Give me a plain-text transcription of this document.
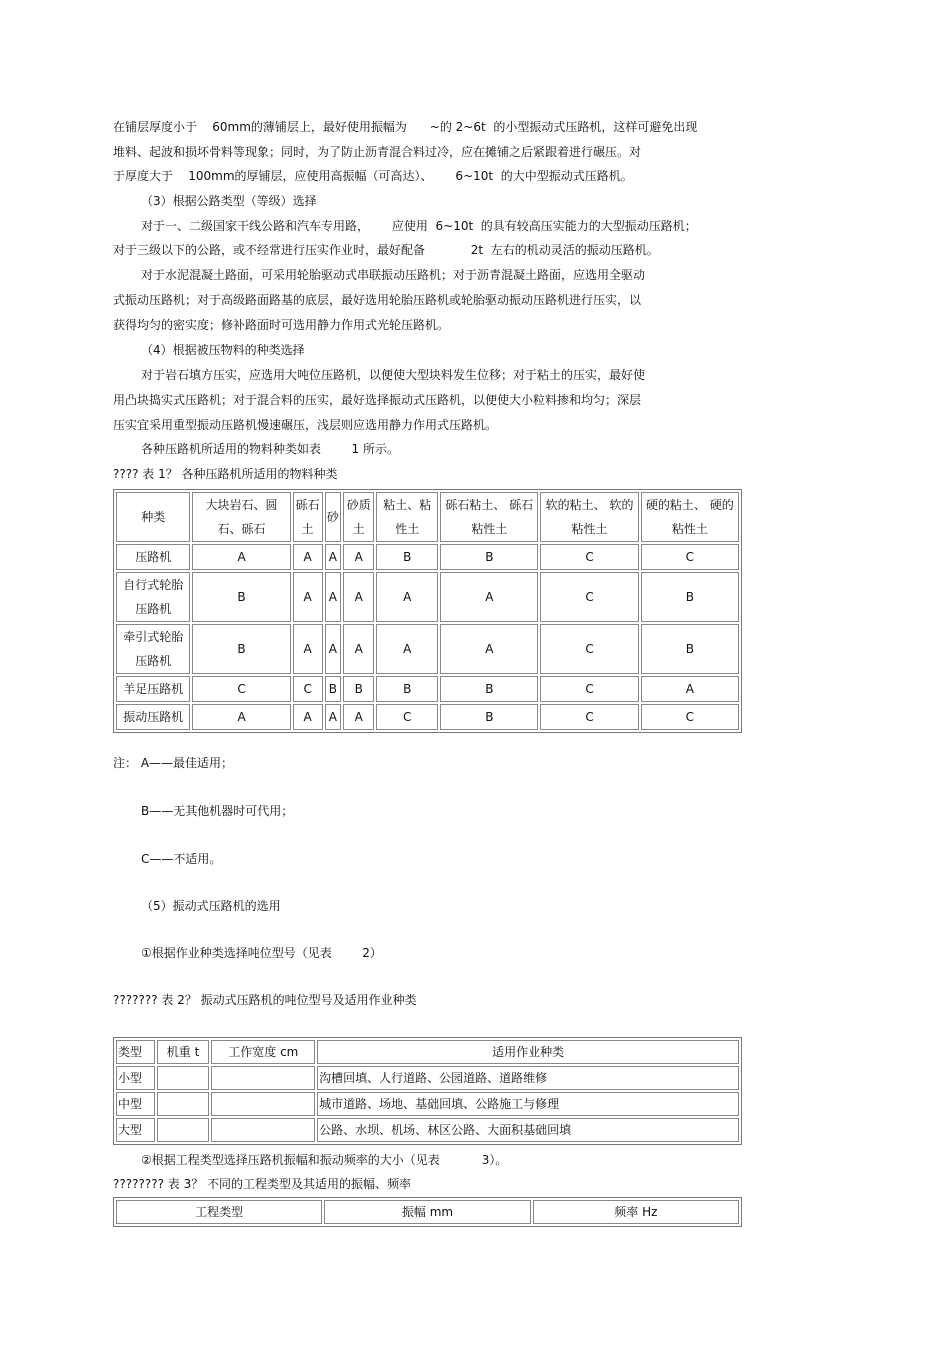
在铺层厚度小于    60mm的薄铺层上，最好使用振幅为      ~的 2~6t  的小型振动式压路机，这样可避免出现
堆料、起波和损坏骨料等现象；同时，为了防止沥青混合料过冷，应在摊铺之后紧跟着进行碾压。对
于厚度大于    100mm的厚铺层，应使用高振幅（可高达）、      6~10t  的大中型振动式压路机。
（3）根据公路类型（等级）选择
对于一、二级国家干线公路和汽车专用路，      应使用  6~10t  的具有较高压实能力的大型振动压路机；
对于三级以下的公路，或不经常进行压实作业时，最好配备            2t  左右的机动灵活的振动压路机。
对于水泥混凝土路面，可采用轮胎驱动式串联振动压路机；对于沥青混凝土路面，应选用全驱动
式振动压路机；对于高级路面路基的底层，最好选用轮胎压路机或轮胎驱动振动压路机进行压实，以
获得均匀的密实度；修补路面时可选用静力作用式光轮压路机。
（4）根据被压物料的种类选择
对于岩石填方压实，应选用大吨位压路机，以便使大型块料发生位移；对于粘土的压实，最好使
用凸块捣实式压路机；对于混合料的压实，最好选择振动式压路机，以便使大小粒料掺和均匀；深层
压实宜采用重型振动压路机慢速碾压，浅层则应选用静力作用式压路机。
各种压路机所适用的物料种类如表        1 所示。
???? 表 1？ 各种压路机所适用的物料种类
种类	大块岩石、圆石、砾石	砾石土	砂	砂质土	粘土、粘性土	砾石粘土、 砾石粘性土	软的粘土、 软的粘性土	硬的粘土、 硬的粘性土
压路机	A	A	A	A	B	B	C	C
自行式轮胎压路机	B	A	A	A	A	A	C	B
牵引式轮胎压路机	B	A	A	A	A	A	C	B
羊足压路机	C	C	B	B	B	B	C	A
振动压路机	A	A	A	A	C	B	C	C
注： A——最佳适用；
B——无其他机器时可代用；
C——不适用。
（5）振动式压路机的选用
①根据作业种类选择吨位型号（见表        2）
??????? 表 2？ 振动式压路机的吨位型号及适用作业种类
类型	机重 t	工作宽度 cm	适用作业种类
小型			沟槽回填、人行道路、公园道路、道路维修
中型			城市道路、场地、基础回填、公路施工与修理
大型			公路、水坝、机场、林区公路、大面积基础回填
②根据工程类型选择压路机振幅和振动频率的大小（见表           3）。
???????? 表 3？ 不同的工程类型及其适用的振幅、频率
工程类型	振幅 mm	频率 Hz
